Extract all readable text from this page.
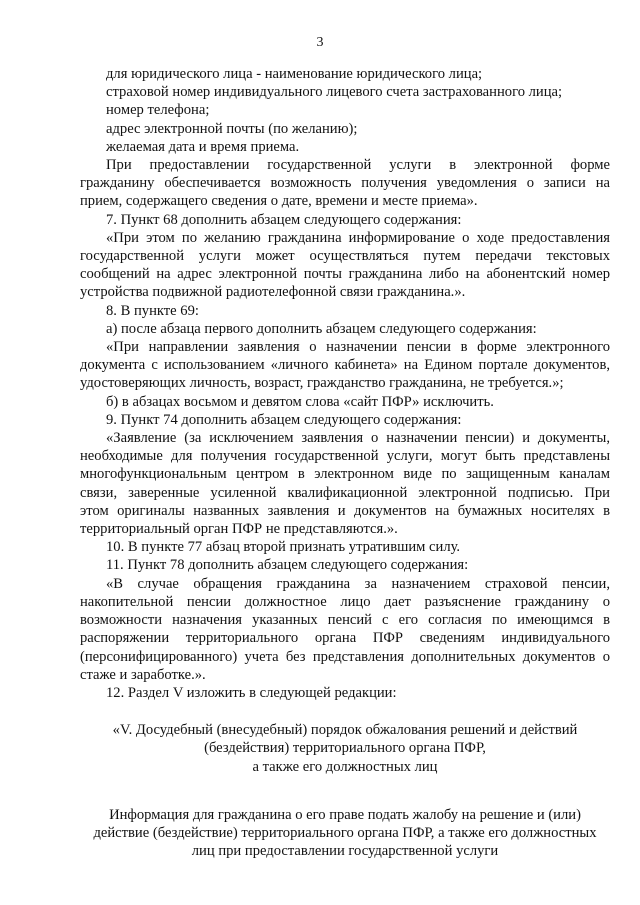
3
для юридического лица - наименование юридического лица;
страховой номер индивидуального лицевого счета застрахованного лица;
номер телефона;
адрес электронной почты (по желанию);
желаемая дата и время приема.
При предоставлении государственной услуги в электронной форме
гражданину обеспечивается возможность получения уведомления о записи на
прием, содержащего сведения о дате, времени и месте приема».
7. Пункт 68 дополнить абзацем следующего содержания:
«При этом по желанию гражданина информирование о ходе предоставления
государственной услуги может осуществляться путем передачи текстовых
сообщений на адрес электронной почты гражданина либо на абонентский номер
устройства подвижной радиотелефонной связи гражданина.».
8. В пункте 69:
а) после абзаца первого дополнить абзацем следующего содержания:
«При направлении заявления о назначении пенсии в форме электронного
документа с использованием «личного кабинета» на Едином портале документов,
удостоверяющих личность, возраст, гражданство гражданина, не требуется.»;
б) в абзацах восьмом и девятом слова «сайт ПФР» исключить.
9. Пункт 74 дополнить абзацем следующего содержания:
«Заявление (за исключением заявления о назначении пенсии) и документы,
необходимые для получения государственной услуги, могут быть представлены
многофункциональным центром в электронном виде по защищенным каналам
связи, заверенные усиленной квалификационной электронной подписью. При
этом оригиналы названных заявления и документов на бумажных носителях в
территориальный орган ПФР не представляются.».
10. В пункте 77 абзац второй признать утратившим силу.
11. Пункт 78 дополнить абзацем следующего содержания:
«В случае обращения гражданина за назначением страховой пенсии,
накопительной пенсии должностное лицо дает разъяснение гражданину о
возможности назначения указанных пенсий с его согласия по имеющимся в
распоряжении территориального органа ПФР сведениям индивидуального
(персонифицированного) учета без представления дополнительных документов о
стаже и заработке.».
12. Раздел V изложить в следующей редакции:
«V. Досудебный (внесудебный) порядок обжалования решений и действий
(бездействия) территориального органа ПФР,
а также его должностных лиц
Информация для гражданина о его праве подать жалобу на решение и (или)
действие (бездействие) территориального органа ПФР, а также его должностных
лиц при предоставлении государственной услуги
